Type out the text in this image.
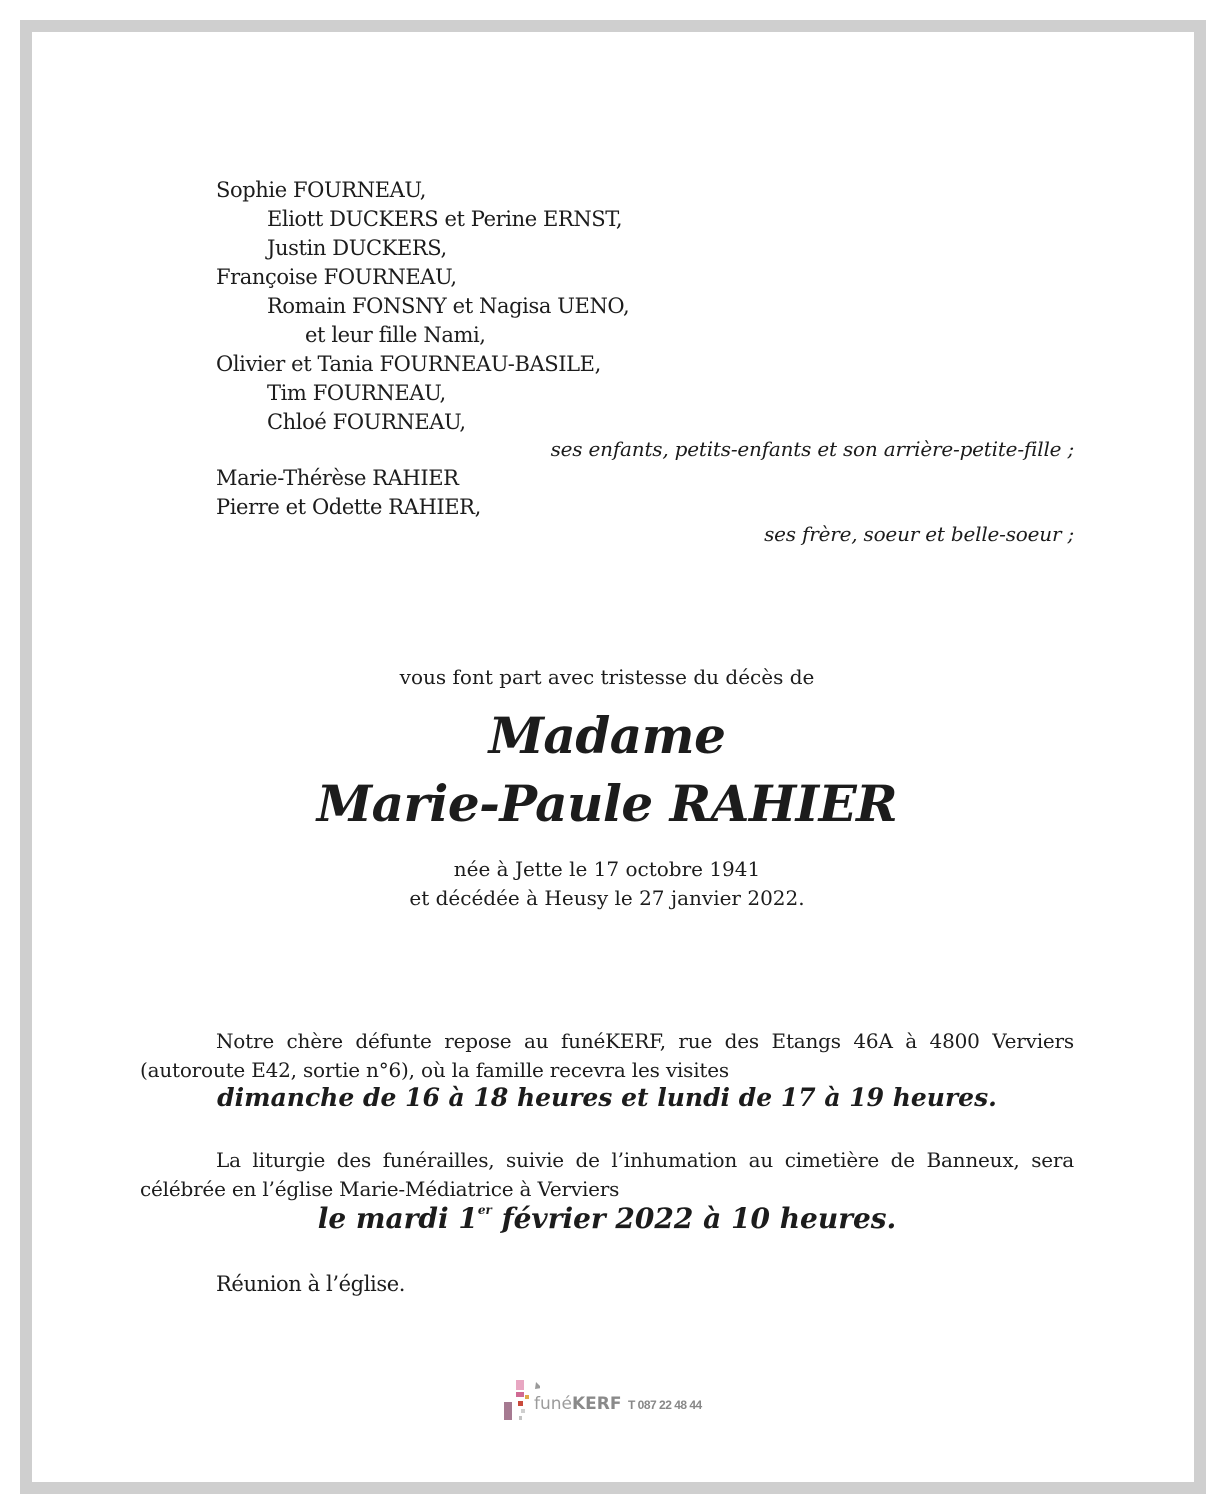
Sophie FOURNEAU,
Eliott DUCKERS et Perine ERNST,
Justin DUCKERS,
Françoise FOURNEAU,
Romain FONSNY et Nagisa UENO,
et leur fille Nami,
Olivier et Tania FOURNEAU-BASILE,
Tim FOURNEAU,
Chloé FOURNEAU,
ses enfants, petits-enfants et son arrière-petite-fille ;
Marie-Thérèse RAHIER
Pierre et Odette RAHIER,
ses frère, soeur et belle-soeur ;
vous font part avec tristesse du décès de
Madame
Marie-Paule RAHIER
née à Jette le 17 octobre 1941
et décédée à Heusy le 27 janvier 2022.
Notre chère défunte repose au funéKERF, rue des Etangs 46A à 4800 Verviers
(autoroute E42, sortie n°6), où la famille recevra les visites
dimanche de 16 à 18 heures et lundi de 17 à 19 heures.
La liturgie des funérailles, suivie de l’inhumation au cimetière de Banneux, sera
célébrée en l’église Marie-Médiatrice à Verviers
le mardi 1er février 2022 à 10 heures.
Réunion à l’église.
funéKERF T 087 22 48 44
